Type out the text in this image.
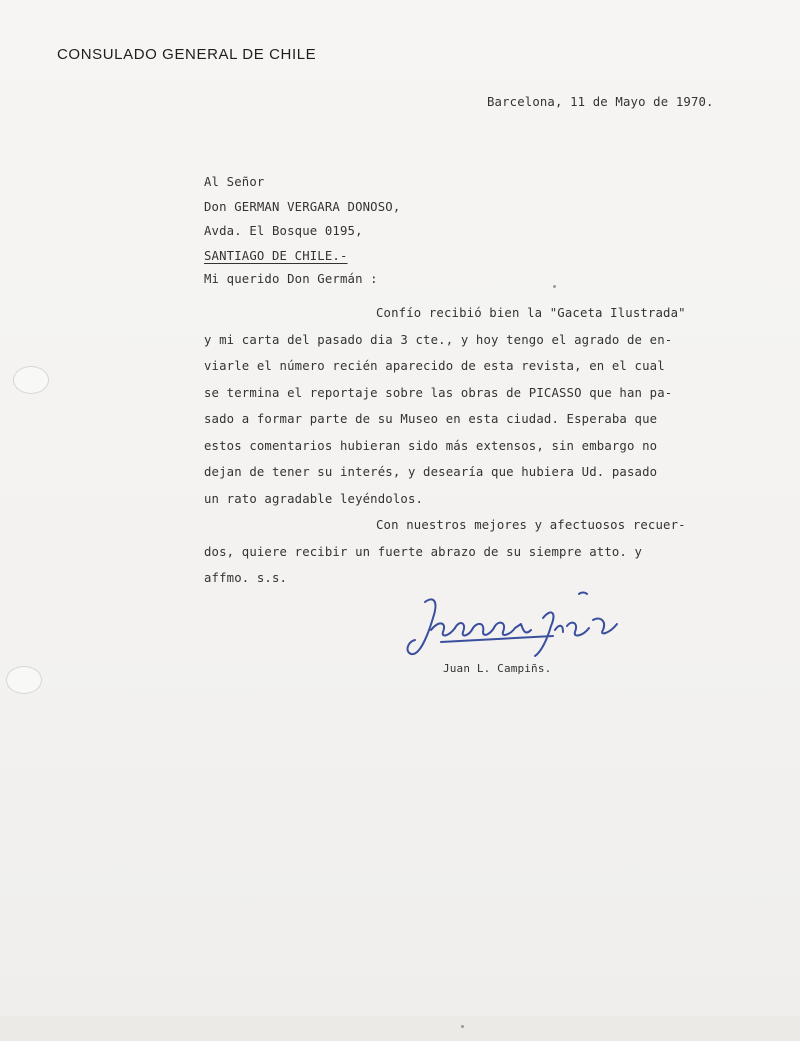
CONSULADO GENERAL DE CHILE
Barcelona, 11 de Mayo de 1970.
Al Señor
Don GERMAN VERGARA DONOSO,
Avda. El Bosque 0195,
SANTIAGO DE CHILE.-
Mi querido Don Germán :
Confío recibió bien la "Gaceta Ilustrada"
y mi carta del pasado dia 3 cte., y hoy tengo el agrado de en-
viarle el número recién aparecido de esta revista, en el cual
se termina el reportaje sobre las obras de PICASSO que han pa-
sado a formar parte de su Museo en esta ciudad. Esperaba que
estos comentarios hubieran sido más extensos, sin embargo no
dejan de tener su interés, y desearía que hubiera Ud. pasado
un rato agradable leyéndolos.
Con nuestros mejores y afectuosos recuer-
dos, quiere recibir un fuerte abrazo de su siempre atto. y
affmo. s.s.
Juan L. Campiñs.
